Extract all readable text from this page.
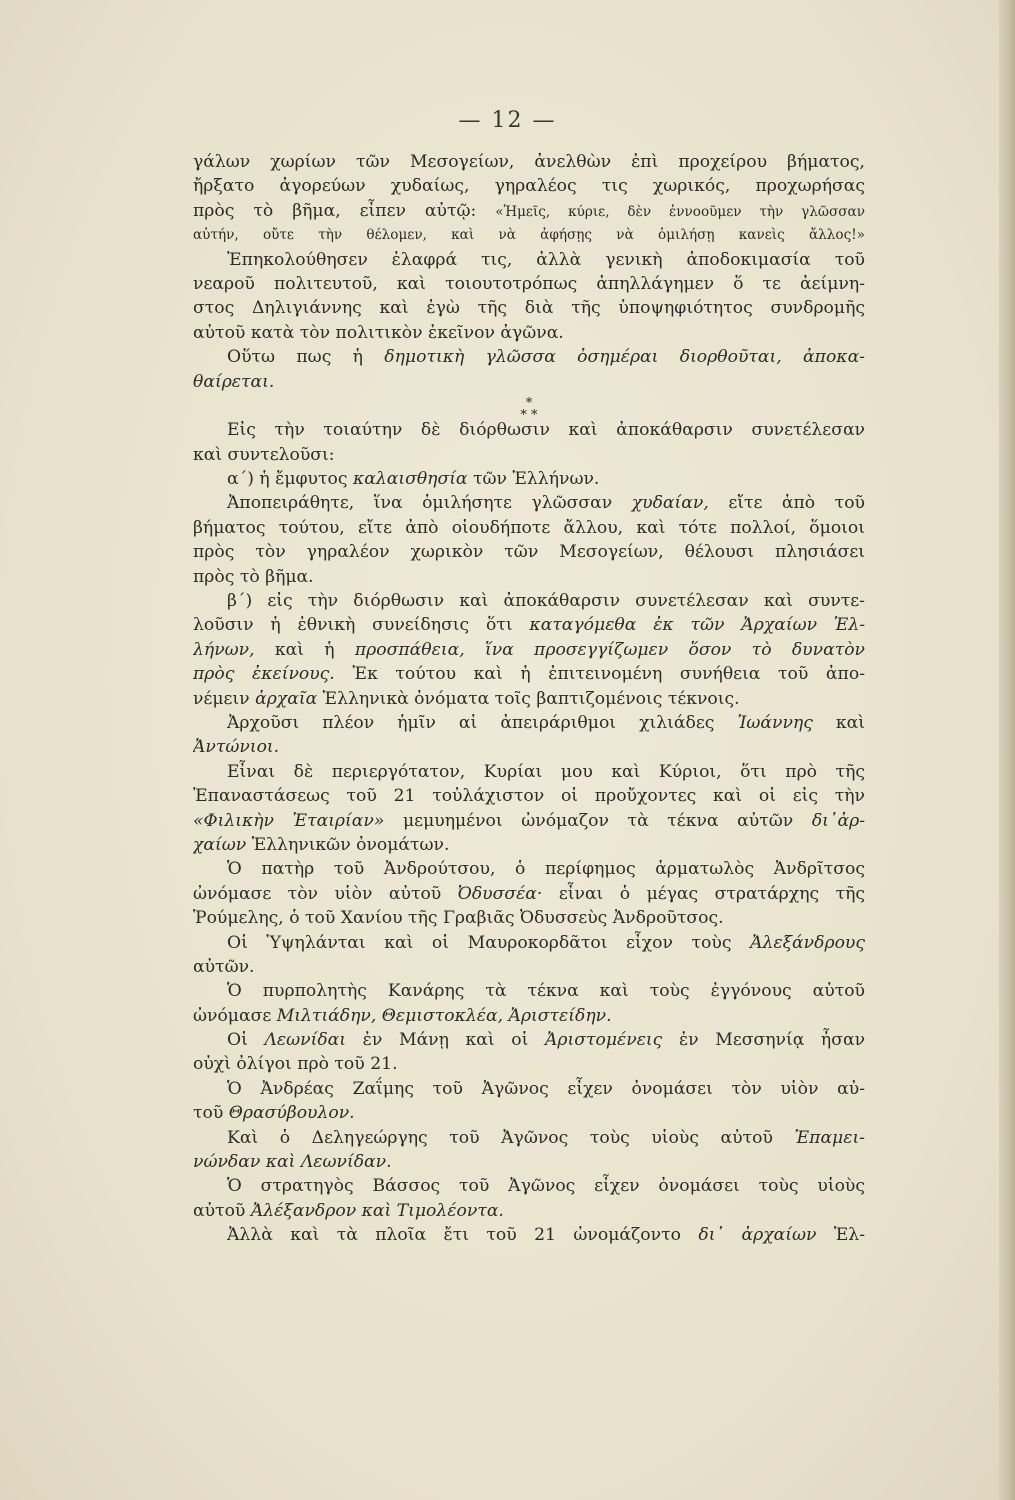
— 12 —
γάλων χωρίων τῶν Μεσογείων, ἀνελθὼν ἐπὶ προχείρου βήματος,
ἤρξατο ἀγορεύων χυδαίως, γηραλέος τις χωρικός, προχωρήσας
πρὸς τὸ βῆμα, εἶπεν αὐτῷ: «Ἡμεῖς, κύριε, δὲν ἐννοοῦμεν τὴν γλῶσσαν
αὐτήν, οὔτε τὴν θέλομεν, καὶ νὰ ἀφήσῃς νὰ ὁμιλήσῃ κανεὶς ἄλλος!»
Ἐπηκολούθησεν ἐλαφρά τις, ἀλλὰ γενικὴ ἀποδοκιμασία τοῦ
νεαροῦ πολιτευτοῦ, καὶ τοιουτοτρόπως ἀπηλλάγημεν ὅ τε ἀείμνη-
στος Δηλιγιάννης καὶ ἐγὼ τῆς διὰ τῆς ὑποψηφιότητος συνδρομῆς
αὐτοῦ κατὰ τὸν πολιτικὸν ἐκεῖνον ἀγῶνα.
Οὕτω πως ἡ δημοτικὴ γλῶσσα ὁσημέραι διορθοῦται, ἀποκα-
θαίρεται.
*
* *
Εἰς τὴν τοιαύτην δὲ διόρθωσιν καὶ ἀποκάθαρσιν συνετέλεσαν
καὶ συντελοῦσι:
α΄) ἡ ἔμφυτος καλαισθησία τῶν Ἑλλήνων.
Ἀποπειράθητε, ἵνα ὁμιλήσητε γλῶσσαν χυδαίαν, εἴτε ἀπὸ τοῦ
βήματος τούτου, εἴτε ἀπὸ οἱουδήποτε ἄλλου, καὶ τότε πολλοί, ὅμοιοι
πρὸς τὸν γηραλέον χωρικὸν τῶν Μεσογείων, θέλουσι πλησιάσει
πρὸς τὸ βῆμα.
β΄) εἰς τὴν διόρθωσιν καὶ ἀποκάθαρσιν συνετέλεσαν καὶ συντε-
λοῦσιν ἡ ἐθνικὴ συνείδησις ὅτι καταγόμεθα ἐκ τῶν Ἀρχαίων Ἑλ-
λήνων, καὶ ἡ προσπάθεια, ἵνα προσεγγίζωμεν ὅσον τὸ δυνατὸν
πρὸς ἐκείνους. Ἐκ τούτου καὶ ἡ ἐπιτεινομένη συνήθεια τοῦ ἀπο-
νέμειν ἀρχαῖα Ἑλληνικὰ ὀνόματα τοῖς βαπτιζομένοις τέκνοις.
Ἀρχοῦσι πλέον ἡμῖν αἱ ἀπειράριθμοι χιλιάδες Ἰωάννης καὶ
Ἀντώνιοι.
Εἶναι δὲ περιεργότατον, Κυρίαι μου καὶ Κύριοι, ὅτι πρὸ τῆς
Ἐπαναστάσεως τοῦ 21 τοὐλάχιστον οἱ προὔχοντες καὶ οἱ εἰς τὴν
«Φιλικὴν Ἑταιρίαν» μεμυημένοι ὠνόμαζον τὰ τέκνα αὐτῶν δι᾽ἀρ-
χαίων Ἑλληνικῶν ὀνομάτων.
Ὁ πατὴρ τοῦ Ἀνδρούτσου, ὁ περίφημος ἁρματωλὸς Ἀνδρῖτσος
ὠνόμασε τὸν υἱὸν αὐτοῦ Ὀδυσσέα· εἶναι ὁ μέγας στρατάρχης τῆς
Ῥούμελης, ὁ τοῦ Χανίου τῆς Γραβιᾶς Ὀδυσσεὺς Ἀνδροῦτσος.
Οἱ Ὑψηλάνται καὶ οἱ Μαυροκορδᾶτοι εἶχον τοὺς Ἀλεξάνδρους
αὐτῶν.
Ὁ πυρπολητὴς Κανάρης τὰ τέκνα καὶ τοὺς ἐγγόνους αὐτοῦ
ὠνόμασε Μιλτιάδην, Θεμιστοκλέα, Ἀριστείδην.
Οἱ Λεωνίδαι ἐν Μάνῃ καὶ οἱ Ἀριστομένεις ἐν Μεσσηνίᾳ ἦσαν
οὐχὶ ὀλίγοι πρὸ τοῦ 21.
Ὁ Ἀνδρέας Ζαΐμης τοῦ Ἀγῶνος εἶχεν ὀνομάσει τὸν υἱὸν αὐ-
τοῦ Θρασύβουλον.
Καὶ ὁ Δεληγεώργης τοῦ Ἀγῶνος τοὺς υἱοὺς αὐτοῦ Ἐπαμει-
νώνδαν καὶ Λεωνίδαν.
Ὁ στρατηγὸς Βάσσος τοῦ Ἀγῶνος εἶχεν ὀνομάσει τοὺς υἱοὺς
αὐτοῦ Ἀλέξανδρον καὶ Τιμολέοντα.
Ἀλλὰ καὶ τὰ πλοῖα ἔτι τοῦ 21 ὠνομάζοντο δι᾽ ἀρχαίων Ἑλ-
